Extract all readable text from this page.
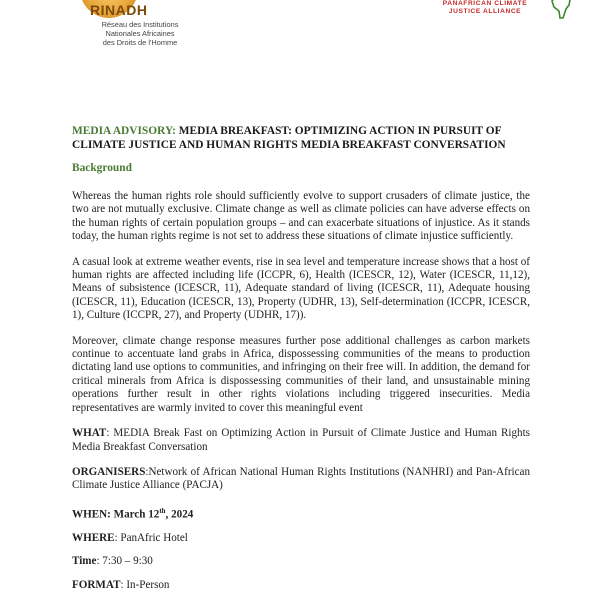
RINADH
Réseau des Institutions
Nationales Africaines
des Droits de l'Homme
PANAFRICAN CLIMATE
JUSTICE ALLIANCE
MEDIA ADVISORY: MEDIA BREAKFAST: OPTIMIZING ACTION IN PURSUIT OF CLIMATE JUSTICE AND HUMAN RIGHTS MEDIA BREAKFAST CONVERSATION
Background

Whereas the human rights role should sufficiently evolve to support crusaders of climate justice, the two are not mutually exclusive. Climate change as well as climate policies can have adverse effects on the human rights of certain population groups – and can exacerbate situations of injustice. As it stands today, the human rights regime is not set to address these situations of climate injustice sufficiently.

A casual look at extreme weather events, rise in sea level and temperature increase shows that a host of human rights are affected including life (ICCPR, 6), Health (ICESCR, 12), Water (ICESCR, 11,12), Means of subsistence (ICESCR, 11), Adequate standard of living (ICESCR, 11), Adequate housing (ICESCR, 11), Education (ICESCR, 13), Property (UDHR, 13), Self-determination (ICCPR, ICESCR, 1), Culture (ICCPR, 27), and Property (UDHR, 17)).

Moreover, climate change response measures further pose additional challenges as carbon markets continue to accentuate land grabs in Africa, dispossessing communities of the means to production dictating land use options to communities, and infringing on their free will. In addition, the demand for critical minerals from Africa is dispossessing communities of their land, and unsustainable mining operations further result in other rights violations including triggered insecurities. Media representatives are warmly invited to cover this meaningful event

WHAT: MEDIA Break Fast on Optimizing Action in Pursuit of Climate Justice and Human Rights Media Breakfast Conversation

ORGANISERS:Network of African National Human Rights Institutions (NANHRI) and Pan-African Climate Justice Alliance (PACJA)

WHEN: March 12th, 2024

WHERE: PanAfric Hotel

Time: 7:30 – 9:30

FORMAT: In-Person
